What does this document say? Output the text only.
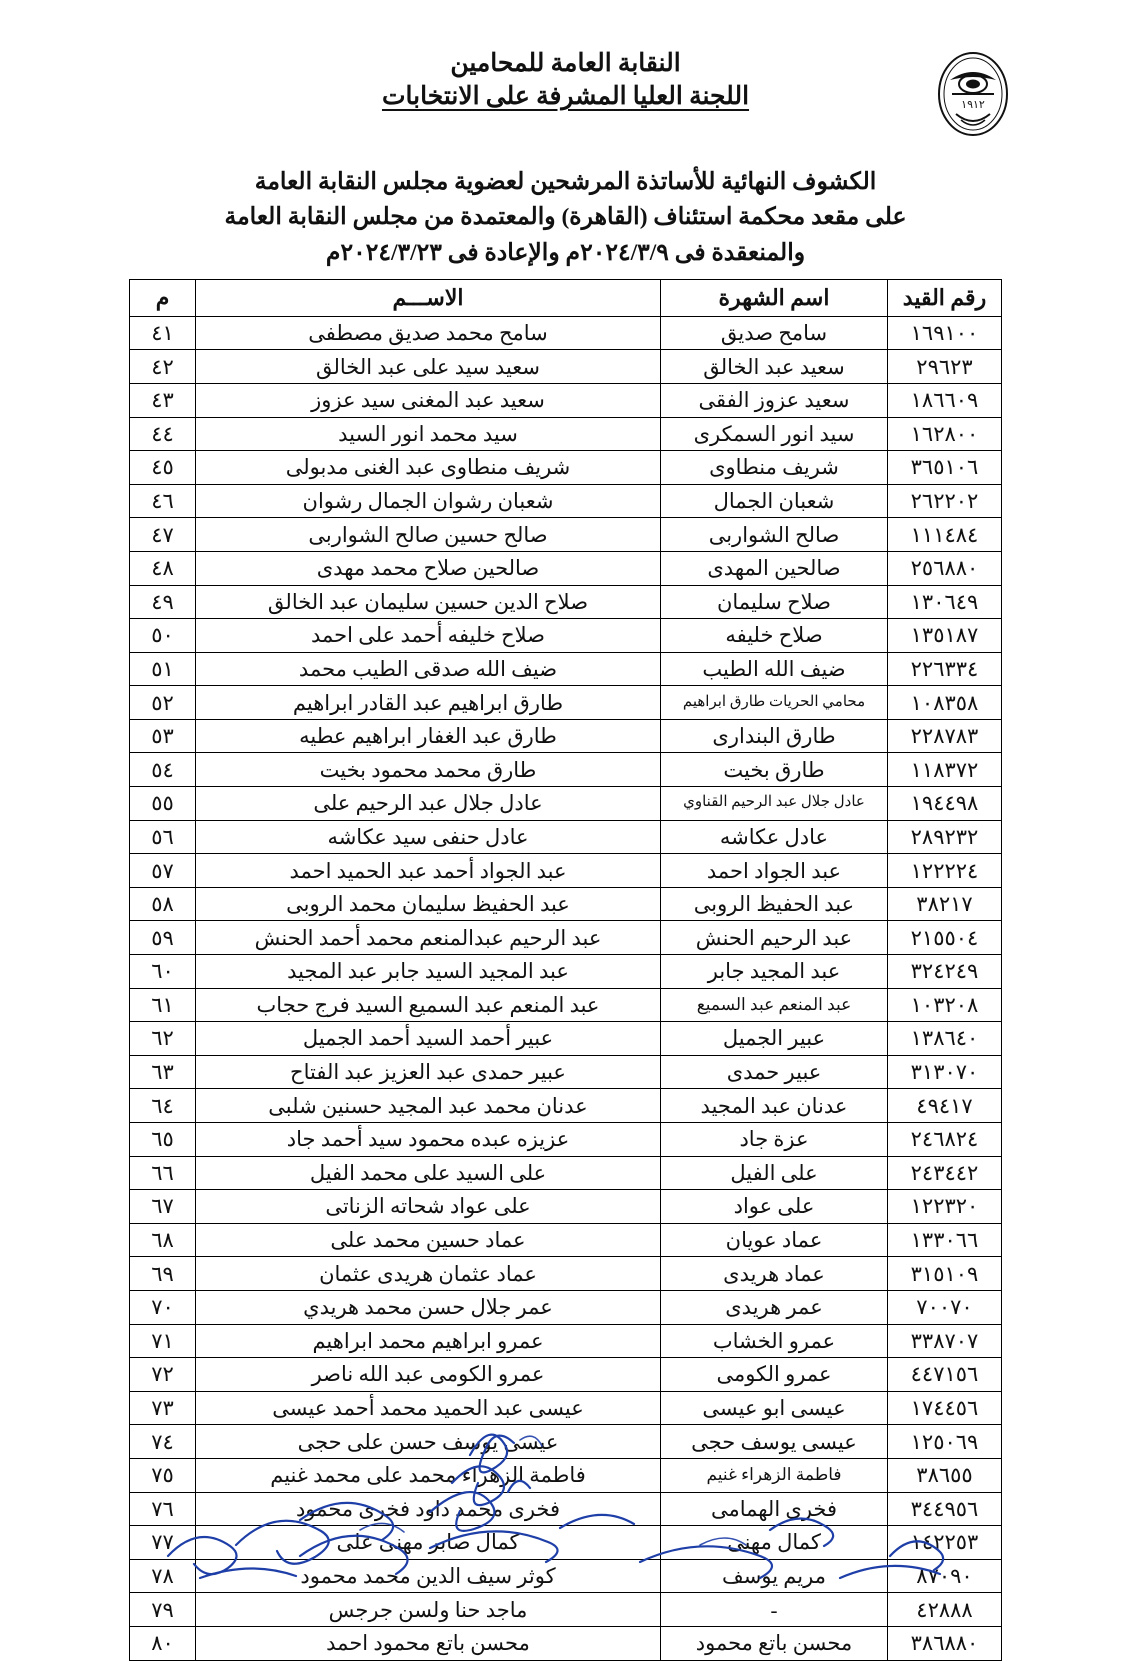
١٩١٢
النقابة العامة للمحامين
اللجنة العليا المشرفة على الانتخابات
الكشوف النهائية للأساتذة المرشحين لعضوية مجلس النقابة العامة
على مقعد محكمة استئناف (القاهرة) والمعتمدة من مجلس النقابة العامة
والمنعقدة فى ٢٠٢٤/٣/٩م والإعادة فى ٢٠٢٤/٣/٢٣م
رقم القيد	اسم الشهرة	الاســـم	م
١٦٩١٠٠	سامح صديق	سامح محمد صديق مصطفى	٤١
٢٩٦٢٣	سعيد عبد الخالق	سعيد سيد على عبد الخالق	٤٢
١٨٦٦٠٩	سعيد عزوز الفقى	سعيد عبد المغنى سيد عزوز	٤٣
١٦٢٨٠٠	سيد انور السمكرى	سيد محمد انور السيد	٤٤
٣٦٥١٠٦	شريف منطاوى	شريف منطاوى عبد الغنى مدبولى	٤٥
٢٦٢٢٠٢	شعبان الجمال	شعبان رشوان الجمال رشوان	٤٦
١١١٤٨٤	صالح الشواربى	صالح حسين صالح الشواربى	٤٧
٢٥٦٨٨٠	صالحين المهدى	صالحين صلاح محمد مهدى	٤٨
١٣٠٦٤٩	صلاح سليمان	صلاح الدين حسين سليمان عبد الخالق	٤٩
١٣٥١٨٧	صلاح خليفه	صلاح خليفه أحمد على احمد	٥٠
٢٢٦٣٣٤	ضيف الله الطيب	ضيف الله صدقى الطيب محمد	٥١
١٠٨٣٥٨	محامي الحريات طارق ابراهيم	طارق ابراهيم عبد القادر ابراهيم	٥٢
٢٢٨٧٨٣	طارق البندارى	طارق عبد الغفار ابراهيم عطيه	٥٣
١١٨٣٧٢	طارق بخيت	طارق محمد محمود بخيت	٥٤
١٩٤٤٩٨	عادل جلال عبد الرحيم القناوي	عادل جلال عبد الرحيم على	٥٥
٢٨٩٢٣٢	عادل عكاشه	عادل حنفى سيد عكاشه	٥٦
١٢٢٢٢٤	عبد الجواد احمد	عبد الجواد أحمد عبد الحميد احمد	٥٧
٣٨٢١٧	عبد الحفيظ الروبى	عبد الحفيظ سليمان محمد الروبى	٥٨
٢١٥٥٠٤	عبد الرحيم الحنش	عبد الرحيم عبدالمنعم محمد أحمد الحنش	٥٩
٣٢٤٢٤٩	عبد المجيد جابر	عبد المجيد السيد جابر عبد المجيد	٦٠
١٠٣٢٠٨	عبد المنعم عبد السميع	عبد المنعم عبد السميع السيد فرج حجاب	٦١
١٣٨٦٤٠	عبير الجميل	عبير أحمد السيد أحمد الجميل	٦٢
٣١٣٠٧٠	عبير حمدى	عبير حمدى عبد العزيز عبد الفتاح	٦٣
٤٩٤١٧	عدنان عبد المجيد	عدنان محمد عبد المجيد حسنين شلبى	٦٤
٢٤٦٨٢٤	عزة جاد	عزيزه عبده محمود سيد أحمد جاد	٦٥
٢٤٣٤٤٢	على الفيل	على السيد على محمد الفيل	٦٦
١٢٢٣٢٠	على عواد	على عواد شحاته الزناتى	٦٧
١٣٣٠٦٦	عماد عويان	عماد حسين محمد على	٦٨
٣١٥١٠٩	عماد هريدى	عماد عثمان هريدى عثمان	٦٩
٧٠٠٧٠	عمر هريدى	عمر جلال حسن محمد هريدي	٧٠
٣٣٨٧٠٧	عمرو الخشاب	عمرو ابراهيم محمد ابراهيم	٧١
٤٤٧١٥٦	عمرو الكومى	عمرو الكومى عبد الله ناصر	٧٢
١٧٤٤٥٦	عيسى ابو عيسى	عيسى عبد الحميد محمد أحمد عيسى	٧٣
١٢٥٠٦٩	عيسى يوسف حجى	عيسى يوسف حسن على حجى	٧٤
٣٨٦٥٥	فاطمة الزهراء غنيم	فاطمة الزهراء محمد على محمد غنيم	٧٥
٣٤٤٩٥٦	فخرى الهمامى	فخرى محمد داود فخرى محمود	٧٦
١٤٢٢٥٣	كمال مهنى	كمال صابر مهنى على	٧٧
٨٧٠٩٠	مريم يوسف	كوثر سيف الدين محمد محمود	٧٨
٤٢٨٨٨	-	ماجد حنا ولسن جرجس	٧٩
٣٨٦٨٨٠	محسن باتع محمود	محسن باتع محمود احمد	٨٠
